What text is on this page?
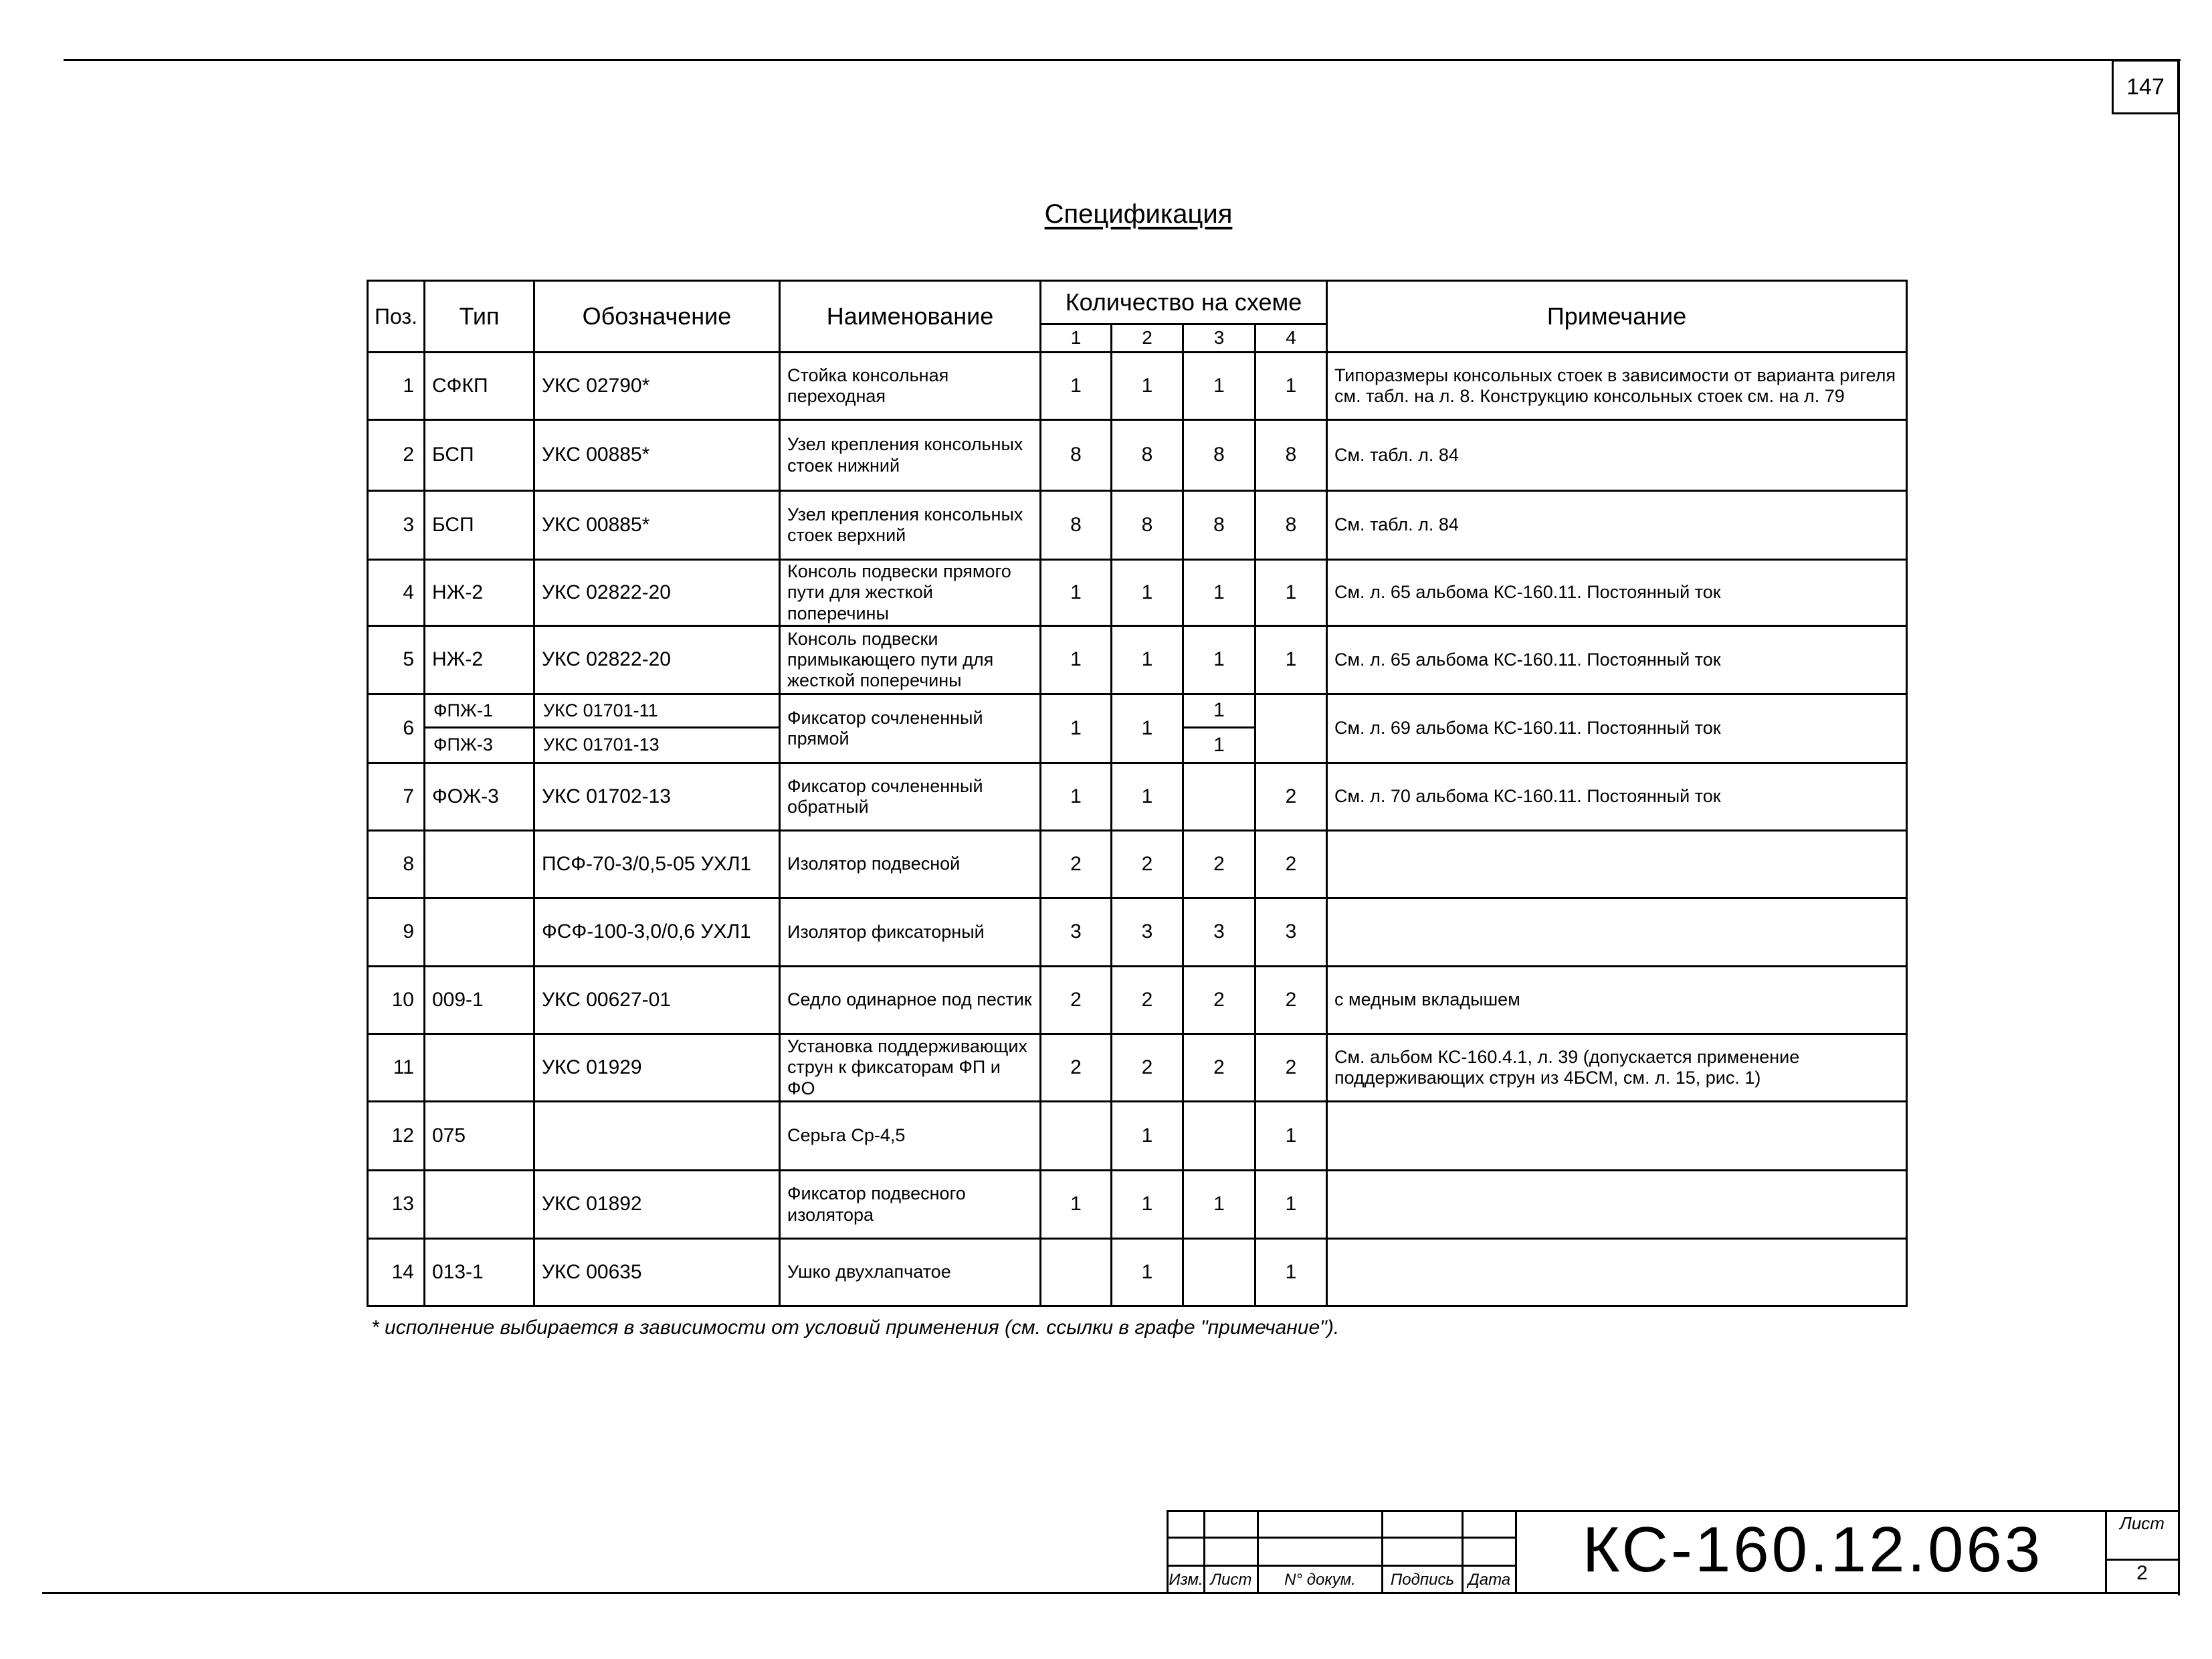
147
Спецификация
Поз.	Тип	Обозначение	Наименование	Количество на схеме				Примечание
				1	2	3	4	
1	СФКП	УКС 02790*	Стойка консольная переходная	1	1	1	1	Типоразмеры консольных стоек в зависимости от варианта ригеля см. табл. на л. 8. Конструкцию консольных стоек см. на л. 79
2	БСП	УКС 00885*	Узел крепления консольных стоек нижний	8	8	8	8	См. табл. л. 84
3	БСП	УКС 00885*	Узел крепления консольных стоек верхний	8	8	8	8	См. табл. л. 84
4	НЖ-2	УКС 02822-20	Консоль подвески прямого пути для жесткой поперечины	1	1	1	1	См. л. 65 альбома КС-160.11. Постоянный ток
5	НЖ-2	УКС 02822-20	Консоль подвески примыкающего пути для жесткой поперечины	1	1	1	1	См. л. 65 альбома КС-160.11. Постоянный ток
6	ФПЖ-1	УКС 01701-11	Фиксатор сочлененный прямой	1	1	1		См. л. 69 альбома КС-160.11. Постоянный ток
	ФПЖ-3	УКС 01701-13				1		
7	ФОЖ-3	УКС 01702-13	Фиксатор сочлененный обратный	1	1		2	См. л. 70 альбома КС-160.11. Постоянный ток
8		ПСФ-70-3/0,5-05 УХЛ1	Изолятор подвесной	2	2	2	2	
9		ФСФ-100-3,0/0,6 УХЛ1	Изолятор фиксаторный	3	3	3	3	
10	009-1	УКС 00627-01	Седло одинарное под пестик	2	2	2	2	с медным вкладышем
11		УКС 01929	Установка поддерживающих струн к фиксаторам ФП и ФО	2	2	2	2	См. альбом КС-160.4.1, л. 39 (допускается применение поддерживающих струн из 4БСМ, см. л. 15, рис. 1)
12	075		Серьга Ср-4,5		1		1	
13		УКС 01892	Фиксатор подвесного изолятора	1	1	1	1	
14	013-1	УКС 00635	Ушко двухлапчатое		1		1	
* исполнение выбирается в зависимости от условий применения (см. ссылки в графе "примечание").
Изм. Лист	N° докум.	Подпись Дата	КС-160.12.063	Лист
2
